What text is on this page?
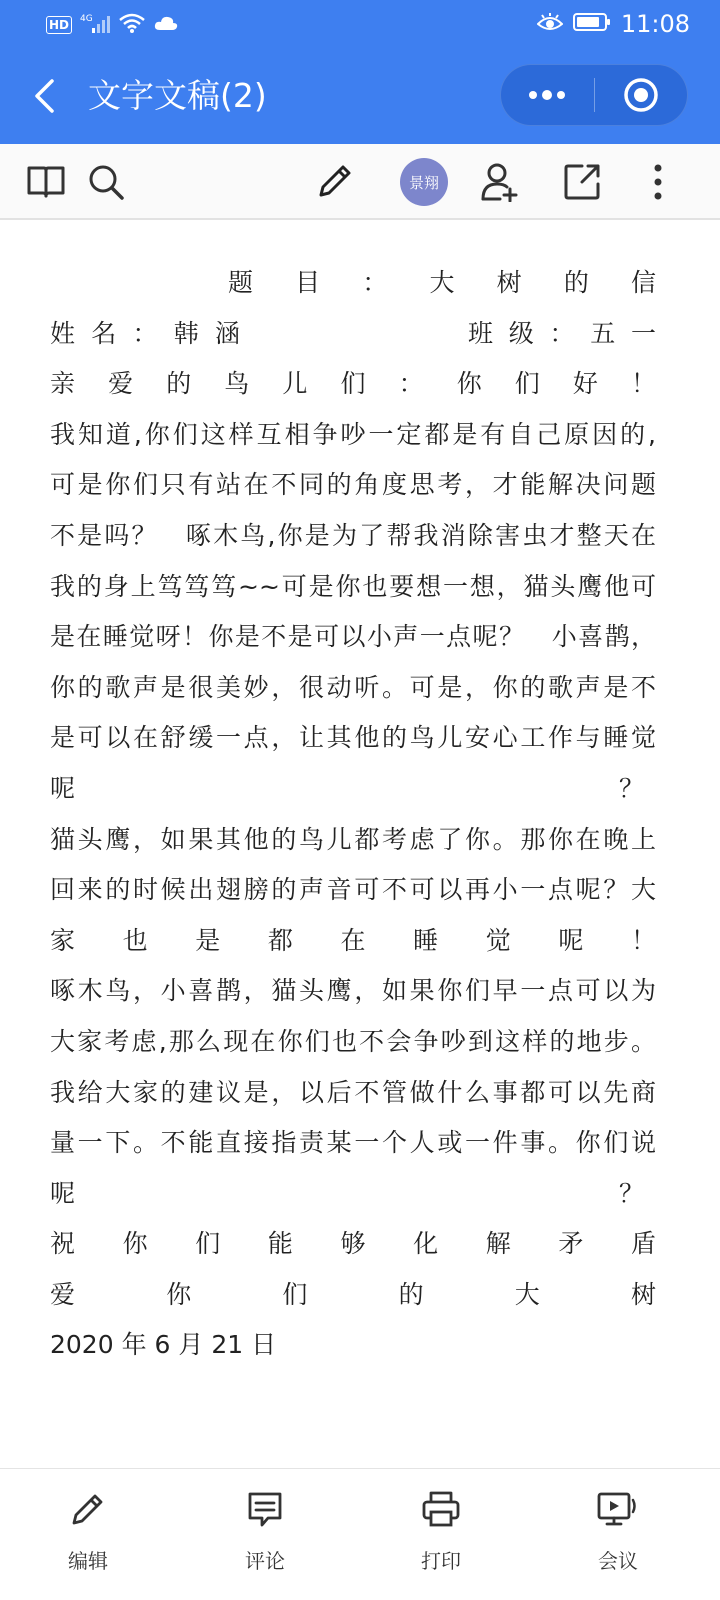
HD	4G	11:08
文字文稿(2)
景翔
题目：大树的信
姓名：韩涵	班级：五一
亲爱的鸟儿们：你们好！
我知道,你们这样互相争吵一定都是有自己原因的,
可是你们只有站在不同的角度思考，才能解决问题
不是吗？　啄木鸟,你是为了帮我消除害虫才整天在
我的身上笃笃笃~~可是你也要想一想，猫头鹰他可
是在睡觉呀！你是不是可以小声一点呢？　小喜鹊，
你的歌声是很美妙，很动听。可是，你的歌声是不
是可以在舒缓一点，让其他的鸟儿安心工作与睡觉
呢	？
猫头鹰，如果其他的鸟儿都考虑了你。那你在晚上
回来的时候出翅膀的声音可不可以再小一点呢？大
家也是都在睡觉呢！
啄木鸟，小喜鹊，猫头鹰，如果你们早一点可以为
大家考虑,那么现在你们也不会争吵到这样的地步。
我给大家的建议是，以后不管做什么事都可以先商
量一下。不能直接指责某一个人或一件事。你们说
呢	？
祝你们能够化解矛盾
爱你们的大树
2020 年 6 月 21 日
编辑	评论	打印	会议
